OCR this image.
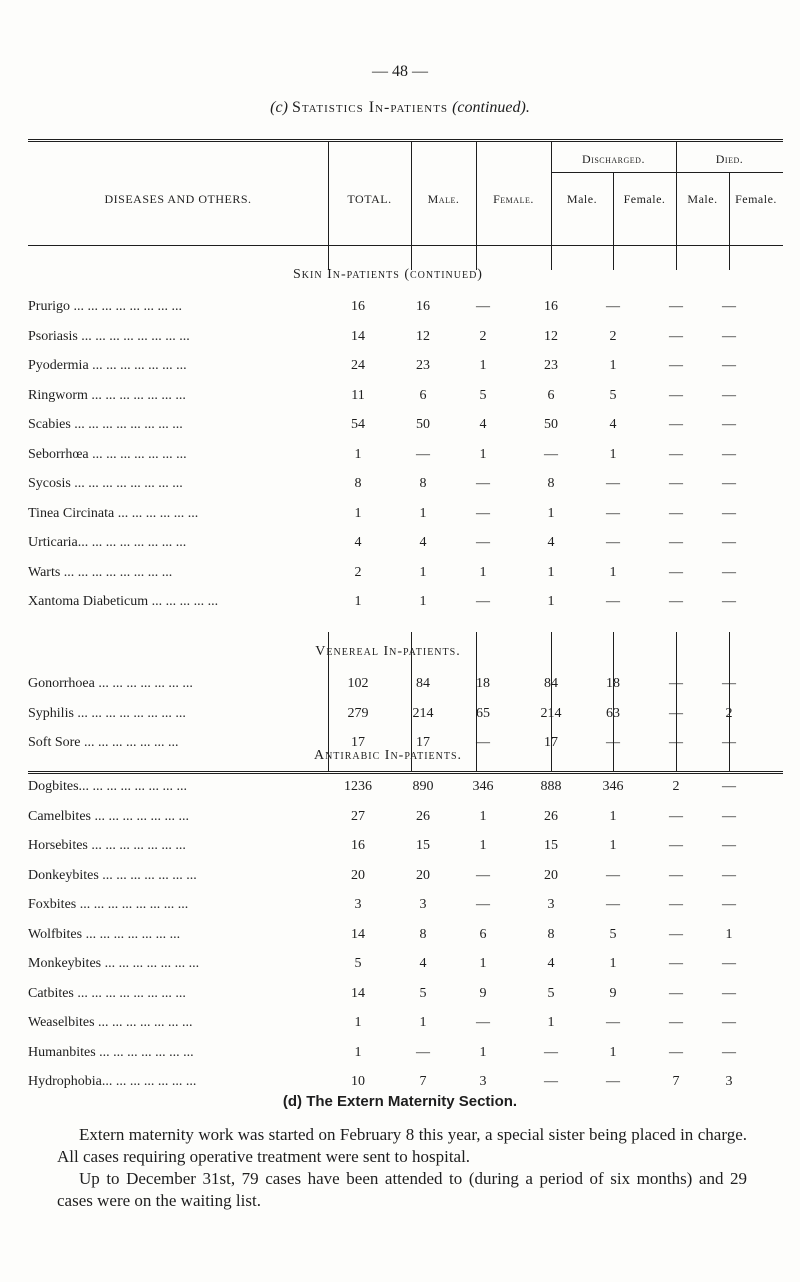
— 48 —
(c) Statistics In-patients (continued).
DISEASES AND OTHERS.	TOTAL.	Male.	Female.
Discharged.	Died.
Male.	Female.	Male.	Female.
Skin In-patients (continued)
Prurigo ... ... ... ... ... ... ... ...	16	16	—	16	—	—	—
Psoriasis ... ... ... ... ... ... ... ...	14	12	2	12	2	—	—
Pyodermia ... ... ... ... ... ... ...	24	23	1	23	1	—	—
Ringworm ... ... ... ... ... ... ...	11	6	5	6	5	—	—
Scabies ... ... ... ... ... ... ... ...	54	50	4	50	4	—	—
Seborrhœa ... ... ... ... ... ... ...	1	—	1	—	1	—	—
Sycosis ... ... ... ... ... ... ... ...	8	8	—	8	—	—	—
Tinea Circinata ... ... ... ... ... ...	1	1	—	1	—	—	—
Urticaria... ... ... ... ... ... ... ...	4	4	—	4	—	—	—
Warts ... ... ... ... ... ... ... ...	2	1	1	1	1	—	—
Xantoma Diabeticum ... ... ... ... ...	1	1	—	1	—	—	—
Venereal In-patients.
Gonorrhoea ... ... ... ... ... ... ...	102	84	18	84	18	—	—
Syphilis ... ... ... ... ... ... ... ...	279	214	65	214	63	—	2
Soft Sore ... ... ... ... ... ... ...	17	17	—	17	—	—	—
Antirabic In-patients.
Dogbites... ... ... ... ... ... ... ...	1236	890	346	888	346	2	—
Camelbites ... ... ... ... ... ... ...	27	26	1	26	1	—	—
Horsebites ... ... ... ... ... ... ...	16	15	1	15	1	—	—
Donkeybites ... ... ... ... ... ... ...	20	20	—	20	—	—	—
Foxbites ... ... ... ... ... ... ... ...	3	3	—	3	—	—	—
Wolfbites ... ... ... ... ... ... ...	14	8	6	8	5	—	1
Monkeybites ... ... ... ... ... ... ...	5	4	1	4	1	—	—
Catbites ... ... ... ... ... ... ... ...	14	5	9	5	9	—	—
Weaselbites ... ... ... ... ... ... ...	1	1	—	1	—	—	—
Humanbites ... ... ... ... ... ... ...	1	—	1	—	1	—	—
Hydrophobia... ... ... ... ... ... ...	10	7	3	—	—	7	3
(d) The Extern Maternity Section.
Extern maternity work was started on February 8 this year, a special sister being placed in charge. All cases requiring operative treatment were sent to hospital.
Up to December 31st, 79 cases have been attended to (during a period of six months) and 29 cases were on the waiting list.
